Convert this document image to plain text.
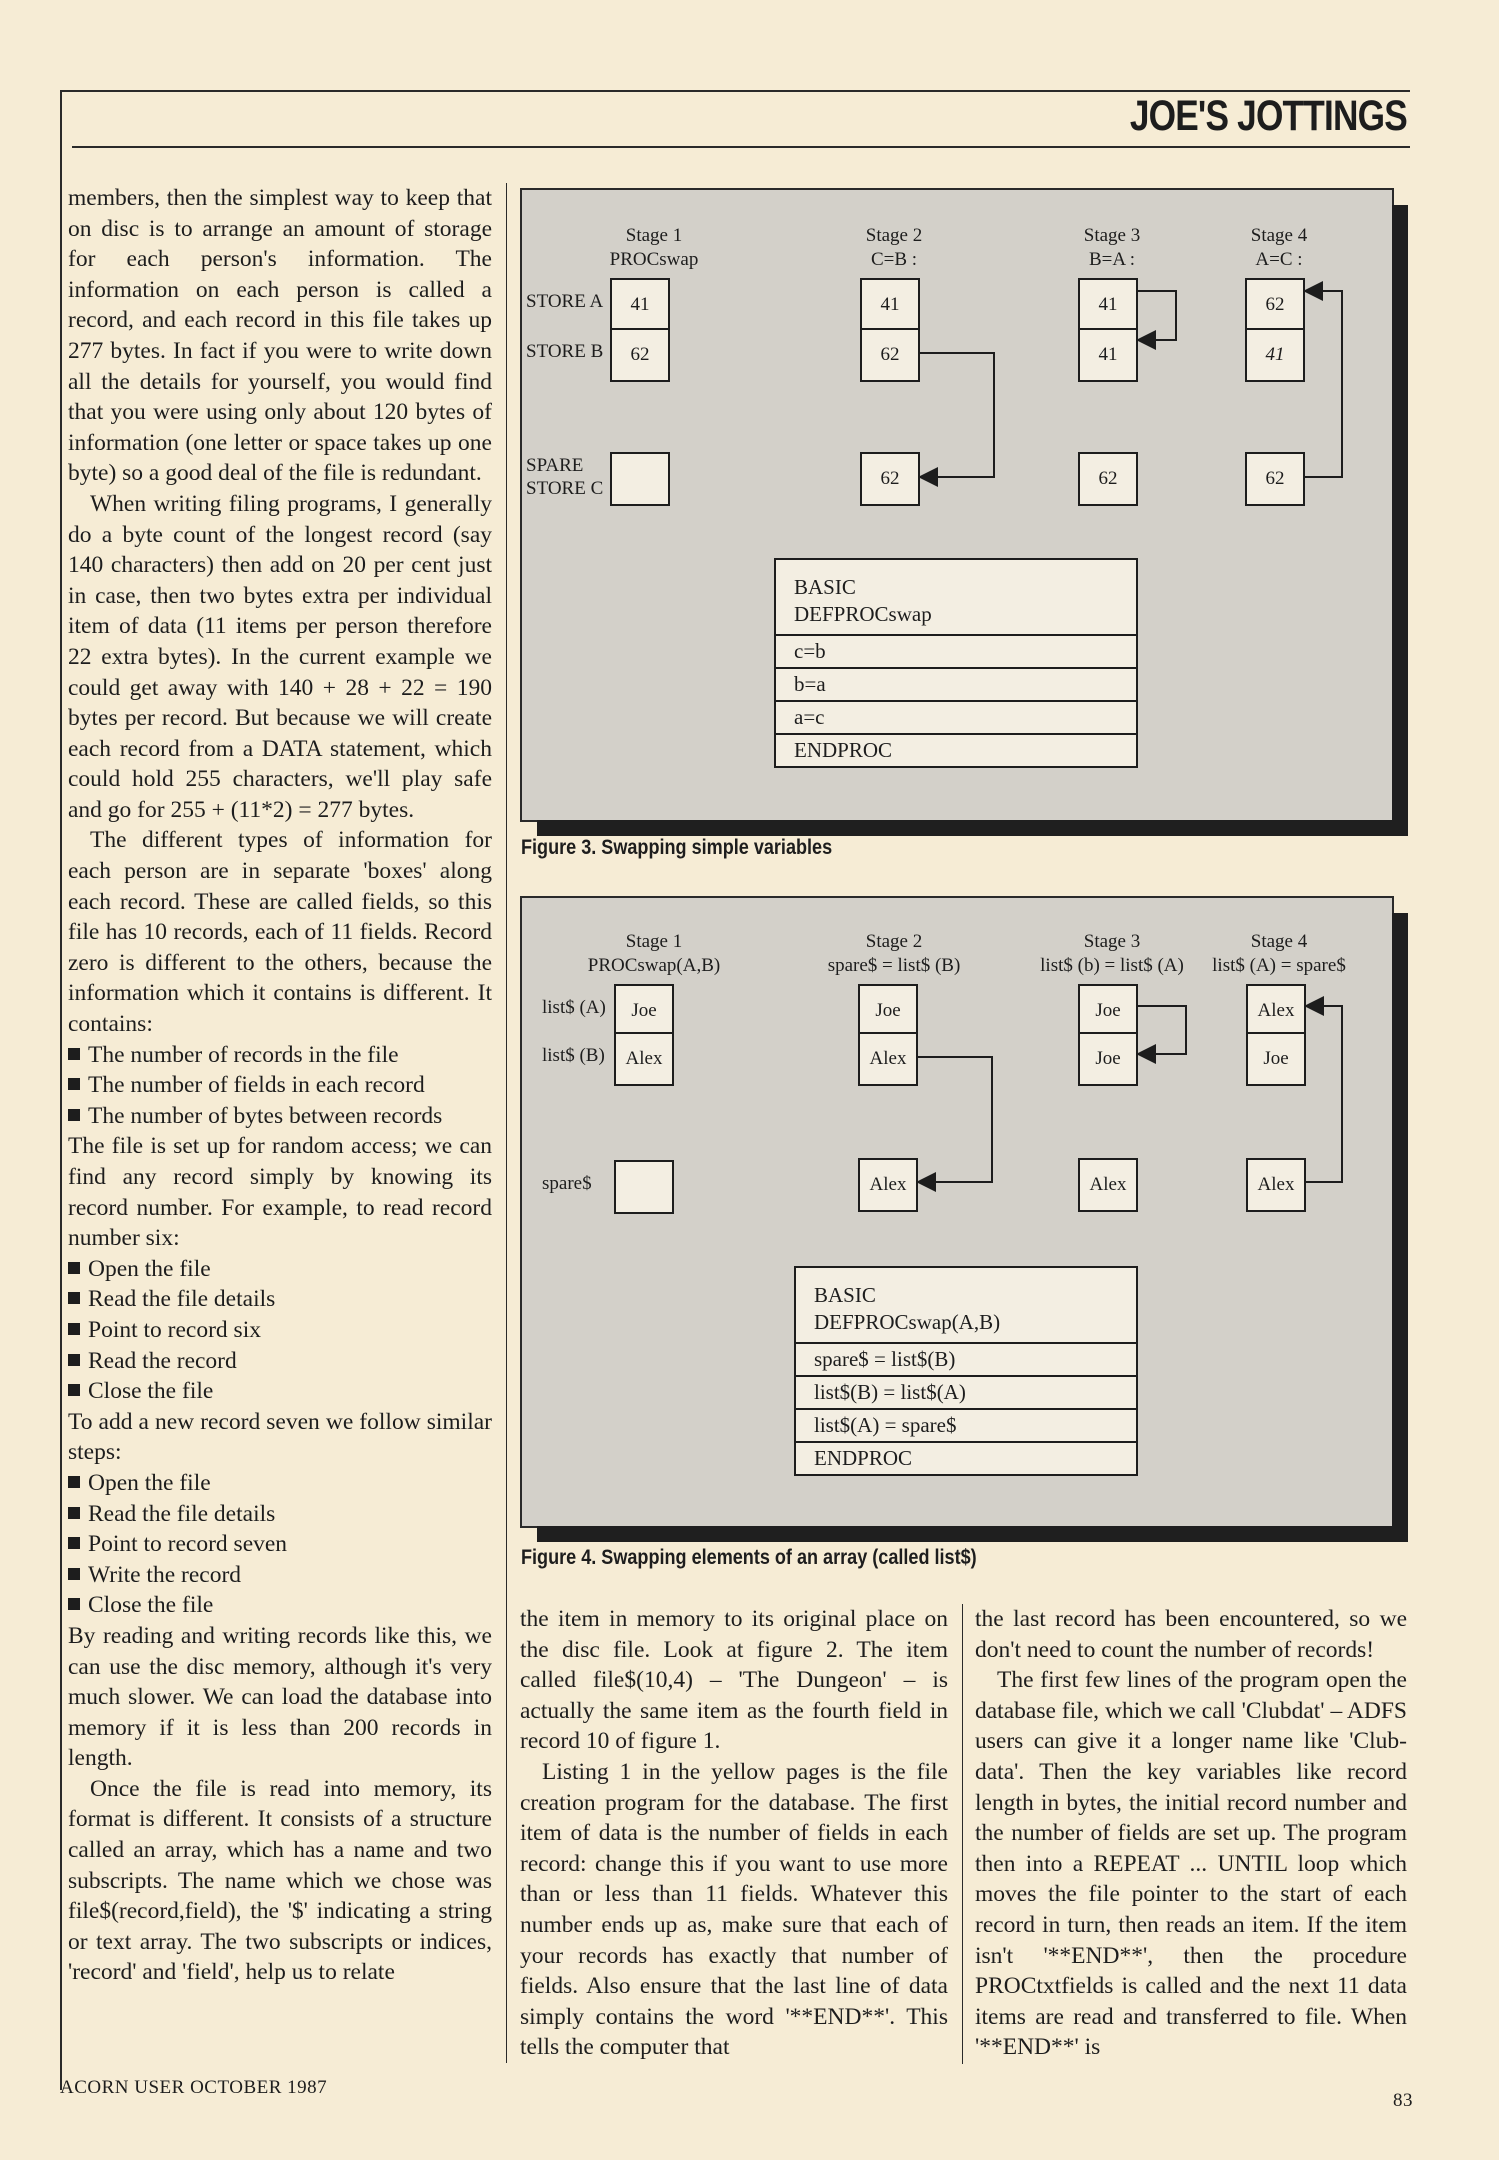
JOE'S JOTTINGS

members, then the simplest way to keep that on disc is to arrange an amount of storage for each person's information. The information on each person is called a record, and each record in this file takes up 277 bytes. In fact if you were to write down all the details for yourself, you would find that you were using only about 120 bytes of information (one letter or space takes up one byte) so a good deal of the file is redundant.

When writing filing programs, I generally do a byte count of the longest record (say 140 characters) then add on 20 per cent just in case, then two bytes extra per individual item of data (11 items per person therefore 22 extra bytes). In the current example we could get away with 140 + 28 + 22 = 190 bytes per record. But because we will create each record from a DATA statement, which could hold 255 characters, we'll play safe and go for 255 + (11*2) = 277 bytes.

The different types of information for each person are in separate 'boxes' along each record. These are called fields, so this file has 10 records, each of 11 fields. Record zero is different to the others, because the information which it contains is different. It contains:

The number of records in the file

The number of fields in each record

The number of bytes between records

The file is set up for random access; we can find any record simply by knowing its record number. For example, to read record number six:

Open the file

Read the file details

Point to record six

Read the record

Close the file

To add a new record seven we follow similar steps:

Open the file

Read the file details

Point to record seven

Write the record

Close the file

By reading and writing records like this, we can use the disc memory, although it's very much slower. We can load the database into memory if it is less than 200 records in length.

Once the file is read into memory, its format is different. It consists of a structure called an array, which has a name and two subscripts. The name which we chose was file$(record,field), the '$' indicating a string or text array. The two subscripts or indices, 'record' and 'field', help us to relate

Stage 1
PROCswap
Stage 2
C=B :
Stage 3
B=A :
Stage 4
A=C :
STORE A
STORE B
SPARE
STORE C
41
62
41
62
62
41
41
62
62
41
62
BASIC
DEFPROCswap
c=b
b=a
a=c
ENDPROC
Figure 3. Swapping simple variables
Stage 1
PROCswap(A,B)
Stage 2
spare$ = list$ (B)
Stage 3
list$ (b) = list$ (A)
Stage 4
list$ (A) = spare$
list$ (A)
list$ (B)
spare$
Joe
Alex
Joe
Alex
Alex
Joe
Joe
Alex
Alex
Joe
Alex
BASIC
DEFPROCswap(A,B)
spare$ = list$(B)
list$(B) = list$(A)
list$(A) = spare$
ENDPROC
Figure 4. Swapping elements of an array (called list$)

the item in memory to its original place on the disc file. Look at figure 2. The item called file$(10,4) – 'The Dungeon' – is actually the same item as the fourth field in record 10 of figure 1.

Listing 1 in the yellow pages is the file creation program for the database. The first item of data is the number of fields in each record: change this if you want to use more than or less than 11 fields. Whatever this number ends up as, make sure that each of your records has exactly that number of fields. Also ensure that the last line of data simply contains the word '**END**'. This tells the computer that

the last record has been encountered, so we don't need to count the number of records!

The first few lines of the program open the database file, which we call 'Clubdat' – ADFS users can give it a longer name like 'Club-data'. Then the key variables like record length in bytes, the initial record number and the number of fields are set up. The program then into a REPEAT ... UNTIL loop which moves the file pointer to the start of each record in turn, then reads an item. If the item isn't '**END**', then the procedure PROCtxtfields is called and the next 11 data items are read and transferred to file. When '**END**' is

ACORN USER OCTOBER 1987
83
